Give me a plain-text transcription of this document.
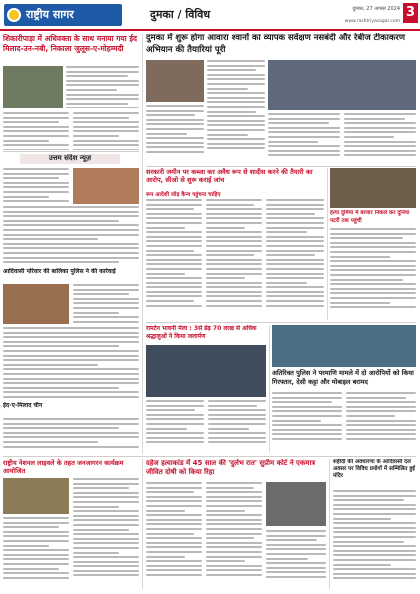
राष्ट्रीय सागर	दुमका / विविध	दुमका, 27 अगस्त 2024
www.rashtriyasagar.com
3
शिकारीपाड़ा में अधिवक्ता के साथ मनाया गया ईद मिलाद-उन-नबी, निकाला जुलूस-ए-मोहम्मदी
उत्तम संदेश न्यूज़
आदिवासी परिवार की बालिका पुलिस ने की कार्रवाई
ईद-ए-मिलाद चीन
दुमका में शुरू होगा आवारा श्वानों का व्यापक सर्वेक्षण नसबंदी और रेबीज टीकाकरण अभियान की तैयारियां पूरी
सरकारी जमीन पर कब्जा कर अवैध रूप से शादीस करने की तैयारी का आरोप, सीओ से शुरू कराई जांच
रूप आदेशी जोड़ कैन्य पहुंचना चाहिए
हत्या दुमिया में बाजार निकल कर दुनिया पटरी तक पहुंची
रामटेन भावनी मेला : 3से डेढ़ 70 लाख से अधिक श्रद्धालुओं ने किया जलार्पण
अतिरिक्त पुलिस ने परमाणि मामले में दो आरोपियों को किया गिरफ्तार, देसी कट्टा और मोबाइल बरामद
राष्ट्रीय नेशनल लाइवले के तहत जनजागरन कार्यक्रम आयोजित
दहेज हत्याकांड में 45 साल की 'दुर्लभ रात' सुप्रीम कोर्ट ने एकमात्र जीवित दोषी को किया रिहा
शहीदी की अवधारणा के आदिवासी दल अवसर पर विविध प्रयोगों में सम्मिलित हुई मंदिर
